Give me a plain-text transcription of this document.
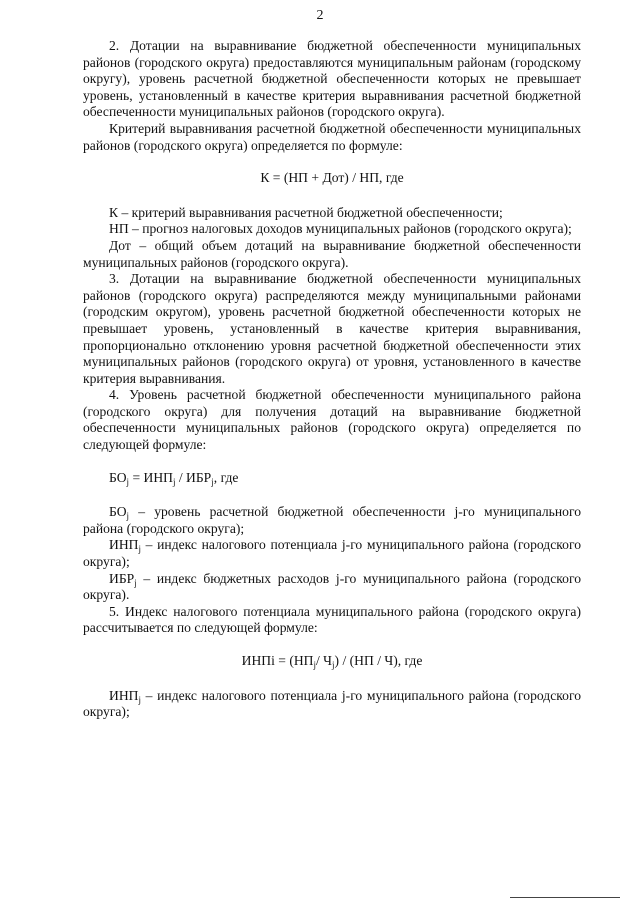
2

2. Дотации на выравнивание бюджетной обеспеченности муниципальных районов (городского округа) предоставляются муниципальным районам (городскому округу), уровень расчетной бюджетной обеспеченности которых не превышает уровень, установленный в качестве критерия выравнивания расчетной бюджетной обеспеченности муниципальных районов (городского округа).

Критерий выравнивания расчетной бюджетной обеспеченности муниципальных районов (городского округа) определяется по формуле:

К = (НП + Дот) / НП, где

К – критерий выравнивания расчетной бюджетной обеспеченности;

НП – прогноз налоговых доходов муниципальных районов (городского округа);

Дот – общий объем дотаций на выравнивание бюджетной обеспеченности муниципальных районов (городского округа).

3. Дотации на выравнивание бюджетной обеспеченности муниципальных районов (городского округа) распределяются между муниципальными районами (городским округом), уровень расчетной бюджетной обеспеченности которых не превышает уровень, установленный в качестве критерия выравнивания, пропорционально отклонению уровня расчетной бюджетной обеспеченности этих муниципальных районов (городского округа) от уровня, установленного в качестве критерия выравнивания.

4. Уровень расчетной бюджетной обеспеченности муниципального района (городского округа) для получения дотаций на выравнивание бюджетной обеспеченности муниципальных районов (городского округа) определяется по следующей формуле:

$БО_j = ИНП_j / ИБР_j$, где

$БО_j$ – уровень расчетной бюджетной обеспеченности j-го муниципального района (городского округа);

$ИНП_j$ – индекс налогового потенциала j-го муниципального района (городского округа);

$ИБР_j$ – индекс бюджетных расходов j-го муниципального района (городского округа).

5. Индекс налогового потенциала муниципального района (городского округа) рассчитывается по следующей формуле:

ИНПi = ($НП_j/$ $Ч_j) / (НП / Ч)$, где

$ИНП_j$ – индекс налогового потенциала j-го муниципального района (городского округа);
